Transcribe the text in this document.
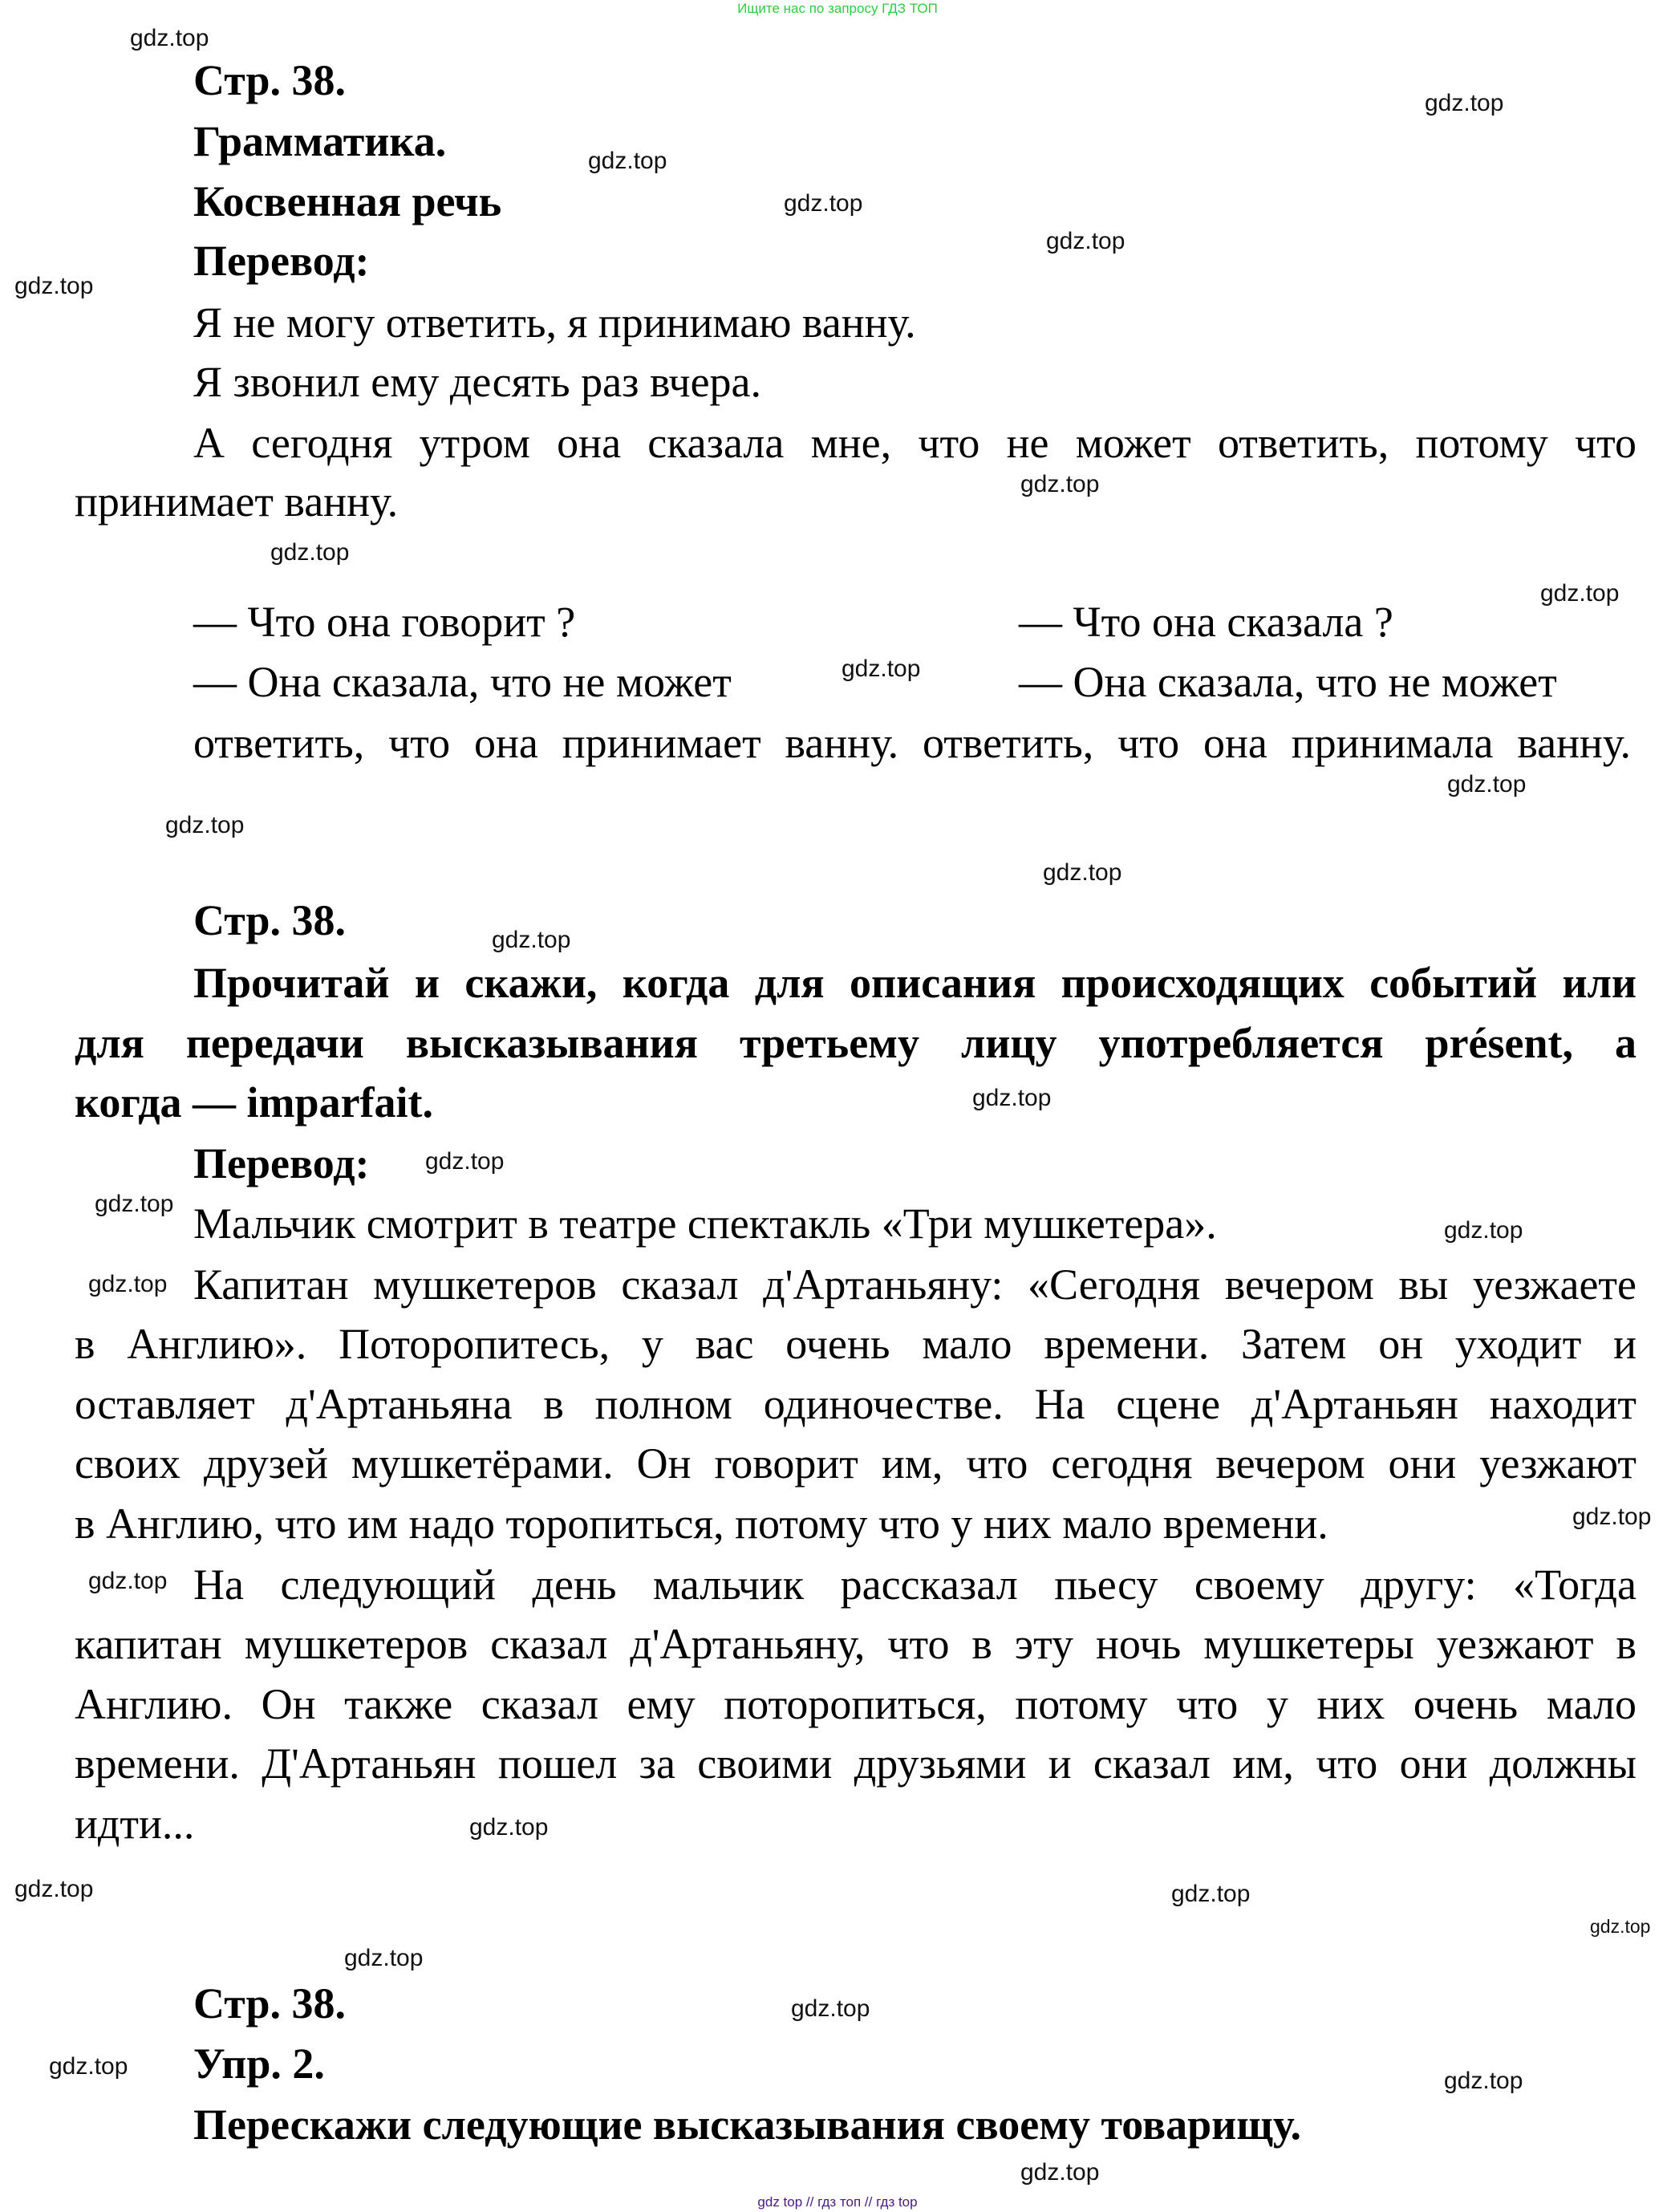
Ищите нас по запросу ГДЗ ТОП
Стр. 38.
Грамматика.
Косвенная речь
Перевод:
Я не могу ответить, я принимаю ванну.
Я звонил ему десять раз вчера.
А сегодня утром она сказала мне, что не может ответить, потому что
принимает ванну.
— Что она говорит ?	— Что она сказала ?
— Она сказала, что не может	— Она сказала, что не может
ответить, что она принимает ванну. ответить, что она принимала ванну.
Стр. 38.
Прочитай и скажи, когда для описания происходящих событий или
для передачи высказывания третьему лицу употребляется présent, а
когда — imparfait.
Перевод:
Мальчик смотрит в театре спектакль «Три мушкетера».
Капитан мушкетеров сказал д'Артаньяну: «Сегодня вечером вы уезжаете
в Англию». Поторопитесь, у вас очень мало времени. Затем он уходит и
оставляет д'Артаньяна в полном одиночестве. На сцене д'Артаньян находит
своих друзей мушкетёрами. Он говорит им, что сегодня вечером они уезжают
в Англию, что им надо торопиться, потому что у них мало времени.
На следующий день мальчик рассказал пьесу своему другу: «Тогда
капитан мушкетеров сказал д'Артаньяну, что в эту ночь мушкетеры уезжают в
Англию. Он также сказал ему поторопиться, потому что у них очень мало
времени. Д'Артаньян пошел за своими друзьями и сказал им, что они должны
идти...
Стр. 38.
Упр. 2.
Перескажи следующие высказывания своему товарищу.
gdz.top
gdz.top
gdz.top
gdz.top
gdz.top
gdz.top
gdz.top
gdz.top
gdz.top
gdz.top
gdz.top
gdz.top
gdz.top
gdz.top
gdz.top
gdz.top
gdz.top
gdz.top
gdz.top
gdz.top
gdz.top
gdz.top
gdz.top
gdz.top
gdz.top
gdz.top
gdz.top
gdz.top
gdz.top
gdz.top
gdz top // гдз топ // гдз top
